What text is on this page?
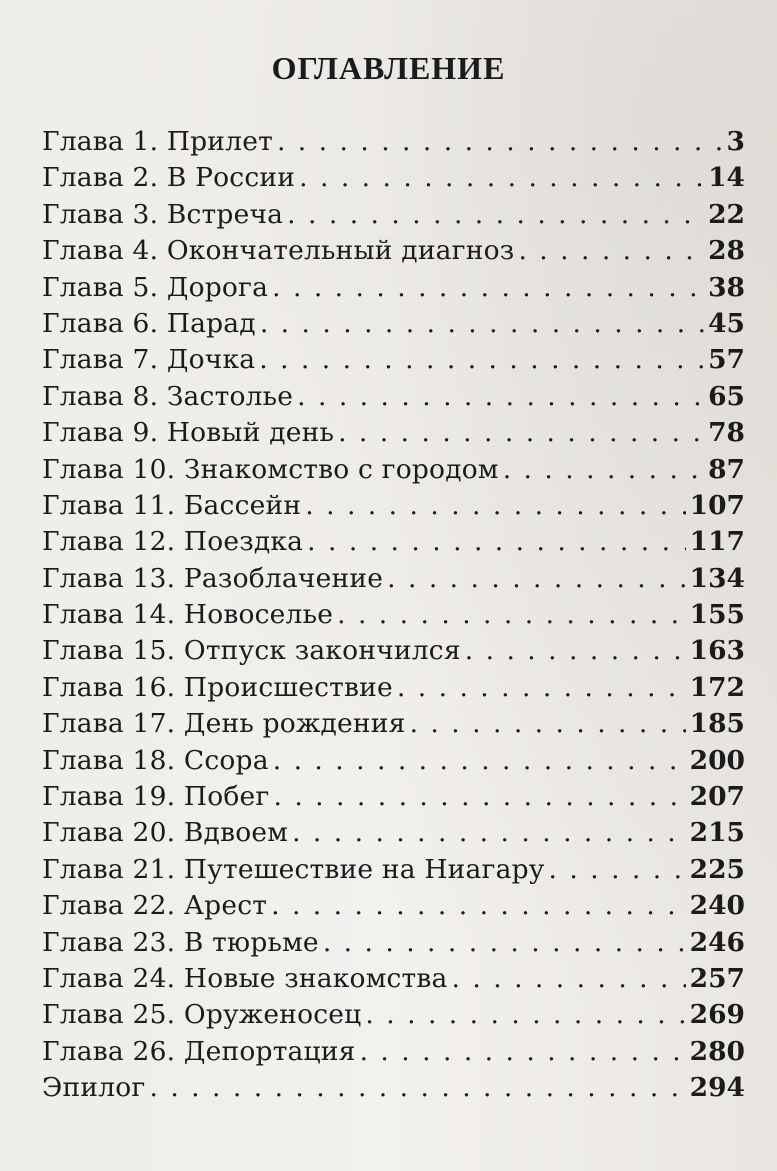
ОГЛАВЛЕНИЕ
Глава 1. Прилет . . .	3
Глава 2. В России . . .	14
Глава 3. Встреча . . .	22
Глава 4. Окончательный диагноз . . .	28
Глава 5. Дорога . . .	38
Глава 6. Парад . . .	45
Глава 7. Дочка . . .	57
Глава 8. Застолье . . .	65
Глава 9. Новый день . . .	78
Глава 10. Знакомство с городом . . .	87
Глава 11. Бассейн . . .	107
Глава 12. Поездка . . .	117
Глава 13. Разоблачение . . .	134
Глава 14. Новоселье . . .	155
Глава 15. Отпуск закончился . . .	163
Глава 16. Происшествие . . .	172
Глава 17. День рождения . . .	185
Глава 18. Ссора . . .	200
Глава 19. Побег . . .	207
Глава 20. Вдвоем . . .	215
Глава 21. Путешествие на Ниагару . . .	225
Глава 22. Арест . . .	240
Глава 23. В тюрьме . . .	246
Глава 24. Новые знакомства . . .	257
Глава 25. Оруженосец . . .	269
Глава 26. Депортация . . .	280
Эпилог . . .	294
